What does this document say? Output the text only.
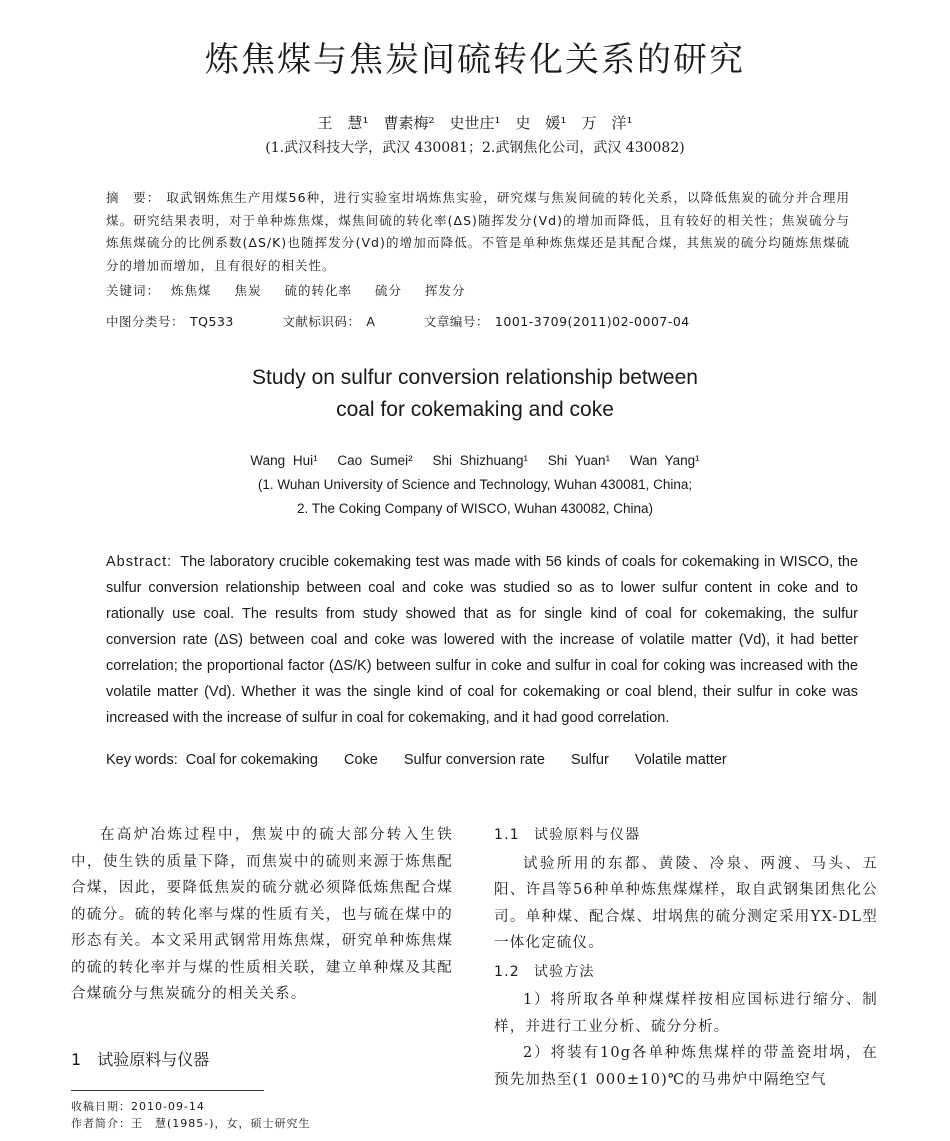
炼焦煤与焦炭间硫转化关系的研究
王　慧¹　曹素梅²　史世庄¹　史　媛¹　万　洋¹
(1.武汉科技大学，武汉 430081；2.武钢焦化公司，武汉 430082)
摘　要： 取武钢炼焦生产用煤56种，进行实验室坩埚炼焦实验，研究煤与焦炭间硫的转化关系，以降低焦炭的硫分并合理用煤。研究结果表明，对于单种炼焦煤，煤焦间硫的转化率(ΔS)随挥发分(Vd)的增加而降低，且有较好的相关性；焦炭硫分与炼焦煤硫分的比例系数(ΔS/K)也随挥发分(Vd)的增加而降低。不管是单种炼焦煤还是其配合煤，其焦炭的硫分均随炼焦煤硫分的增加而增加，且有很好的相关性。
关键词： 炼焦煤 焦炭 硫的转化率 硫分 挥发分
中图分类号： TQ533	文献标识码： A	文章编号： 1001-3709(2011)02-0007-04
Study on sulfur conversion relationship between
coal for cokemaking and coke
Wang Hui¹ Cao Sumei² Shi Shizhuang¹ Shi Yuan¹ Wan Yang¹
(1. Wuhan University of Science and Technology, Wuhan 430081, China;
2. The Coking Company of WISCO, Wuhan 430082, China)
Abstract: The laboratory crucible cokemaking test was made with 56 kinds of coals for cokemaking in WISCO, the sulfur conversion relationship between coal and coke was studied so as to lower sulfur content in coke and to rationally use coal. The results from study showed that as for single kind of coal for cokemaking, the sulfur conversion rate (ΔS) between coal and coke was lowered with the increase of volatile matter (Vd), it had better correlation; the proportional factor (ΔS/K) between sulfur in coke and sulfur in coal for coking was increased with the volatile matter (Vd). Whether it was the single kind of coal for cokemaking or coal blend, their sulfur in coke was increased with the increase of sulfur in coal for cokemaking, and it had good correlation.
Key words: Coal for cokemaking Coke Sulfur conversion rate Sulfur Volatile matter

在高炉冶炼过程中，焦炭中的硫大部分转入生铁中，使生铁的质量下降，而焦炭中的硫则来源于炼焦配合煤，因此，要降低焦炭的硫分就必须降低炼焦配合煤的硫分。硫的转化率与煤的性质有关，也与硫在煤中的形态有关。本文采用武钢常用炼焦煤，研究单种炼焦煤的硫的转化率并与煤的性质相关联，建立单种煤及其配合煤硫分与焦炭硫分的相关关系。

1 试验原料与仪器
1.1 试验原料与仪器

试验所用的东都、黄陵、冷泉、两渡、马头、五阳、许昌等56种单种炼焦煤煤样，取自武钢集团焦化公司。单种煤、配合煤、坩埚焦的硫分测定采用YX-DL型一体化定硫仪。

1.2 试验方法

1）将所取各单种煤煤样按相应国标进行缩分、制样，并进行工业分析、硫分分析。

2）将装有10g各单种炼焦煤样的带盖瓷坩埚，在预先加热至(1 000±10)℃的马弗炉中隔绝空气

收稿日期：2010-09-14
作者简介：王　慧(1985-)，女，硕士研究生
